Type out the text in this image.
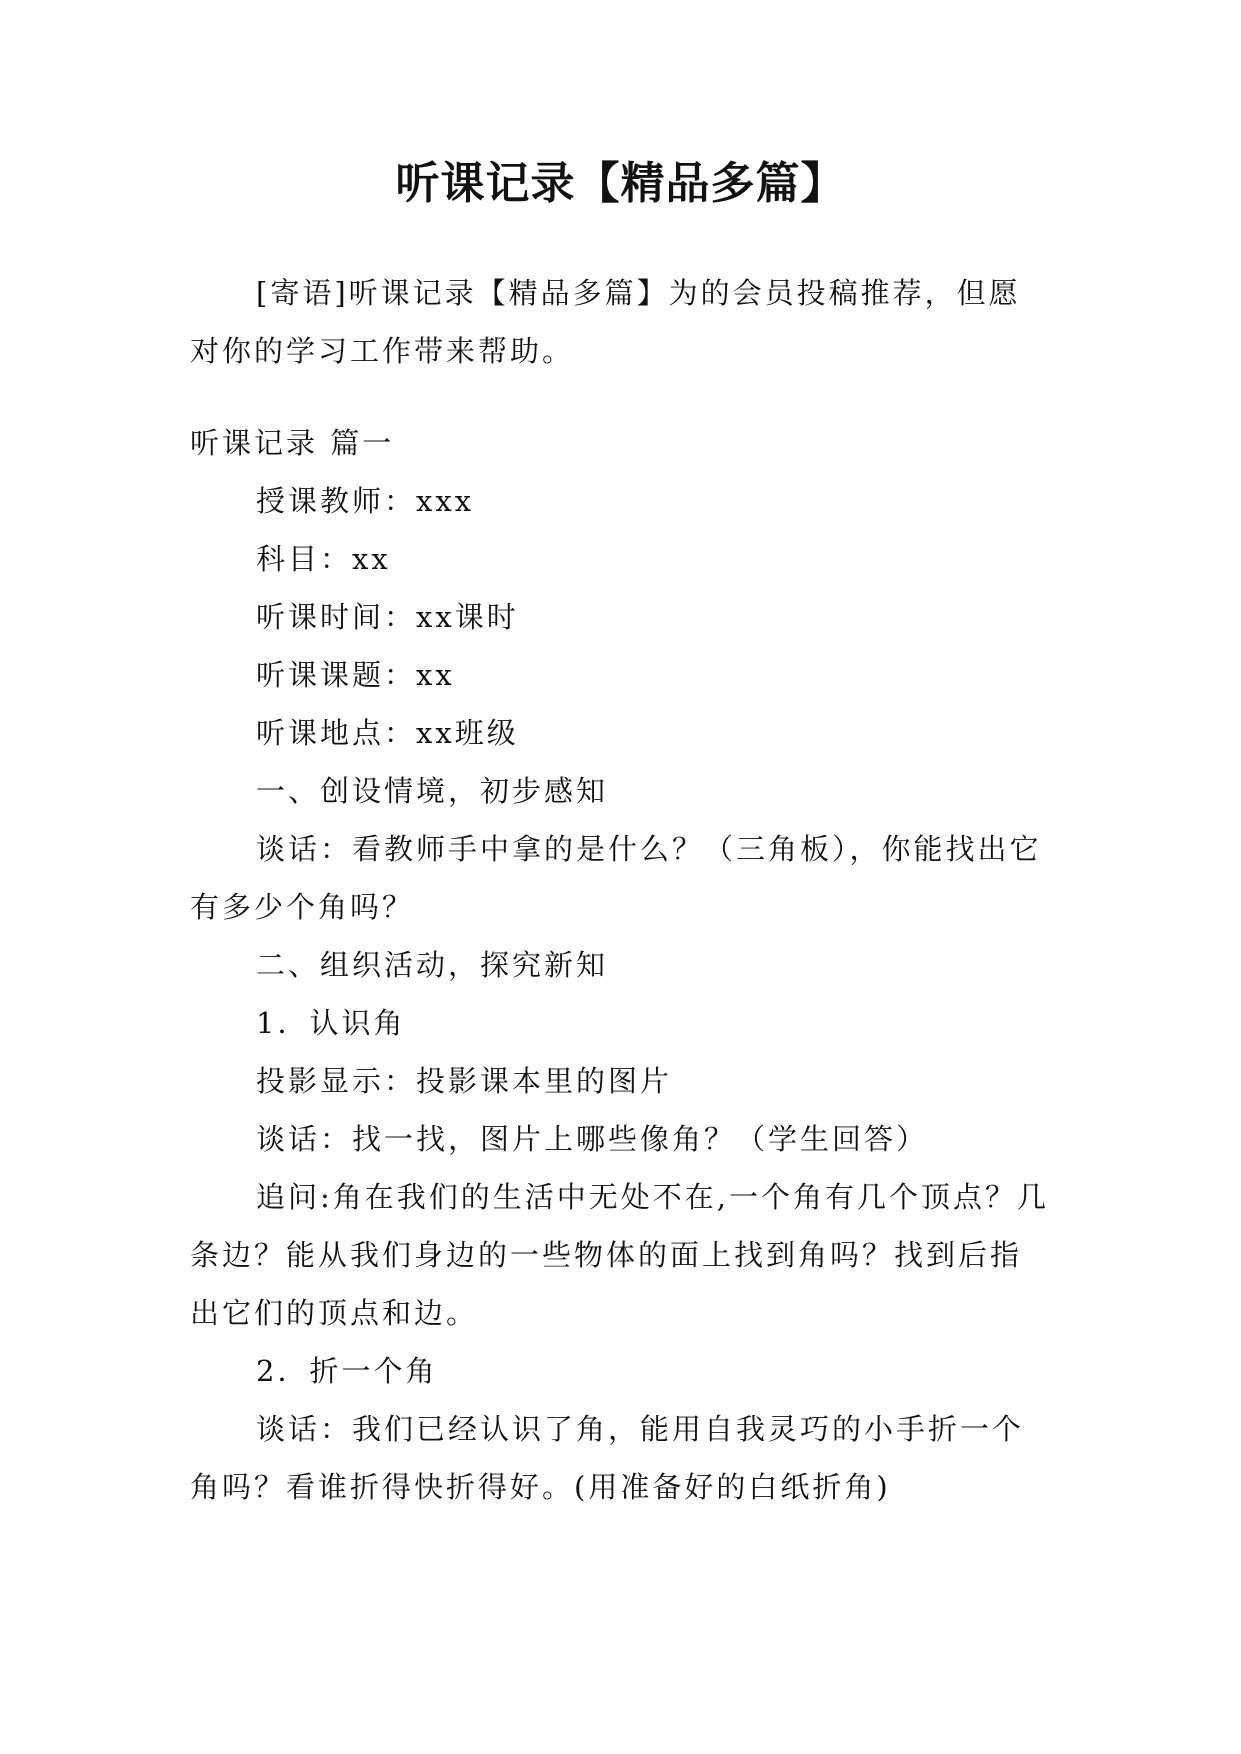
听课记录【精品多篇】

[寄语]听课记录【精品多篇】为的会员投稿推荐，但愿对你的学习工作带来帮助。

听课记录 篇一

授课教师：xxx

科目：xx

听课时间：xx课时

听课课题：xx

听课地点：xx班级

一、创设情境，初步感知

谈话：看教师手中拿的是什么？（三角板），你能找出它有多少个角吗？

二、组织活动，探究新知

1．认识角

投影显示：投影课本里的图片

谈话：找一找，图片上哪些像角？（学生回答）

追问:角在我们的生活中无处不在,一个角有几个顶点？几条边？能从我们身边的一些物体的面上找到角吗？找到后指出它们的顶点和边。

2．折一个角

谈话：我们已经认识了角，能用自我灵巧的小手折一个角吗？看谁折得快折得好。(用准备好的白纸折角)
